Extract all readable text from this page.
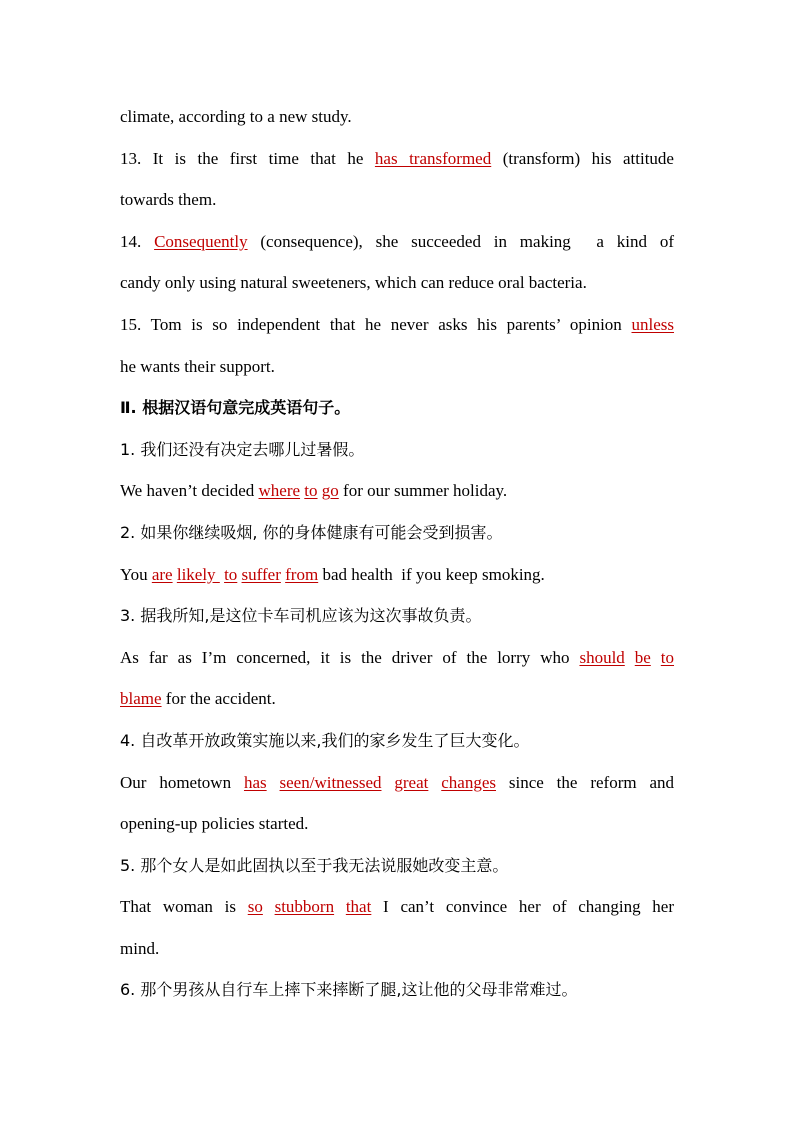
climate, according to a new study.
13. It is the first time that he has transformed (transform) his attitude
towards them.
14. Consequently (consequence), she succeeded in making  a kind of
candy only using natural sweeteners, which can reduce oral bacteria.
15. Tom is so independent that he never asks his parents’ opinion unless
he wants their support.
Ⅱ. 根据汉语句意完成英语句子。
1. 我们还没有决定去哪儿过暑假。
We haven’t decided where to go for our summer holiday.
2. 如果你继续吸烟, 你的身体健康有可能会受到损害。
You are likely  to suffer from bad health  if you keep smoking.
3. 据我所知,是这位卡车司机应该为这次事故负责。
As far as I’m concerned, it is the driver of the lorry who should be to
blame for the accident.
4. 自改革开放政策实施以来,我们的家乡发生了巨大变化。
Our hometown has seen/witnessed great changes since the reform and
opening-up policies started.
5. 那个女人是如此固执以至于我无法说服她改变主意。
That woman is so stubborn that I can’t convince her of changing her
mind.
6. 那个男孩从自行车上摔下来摔断了腿,这让他的父母非常难过。
